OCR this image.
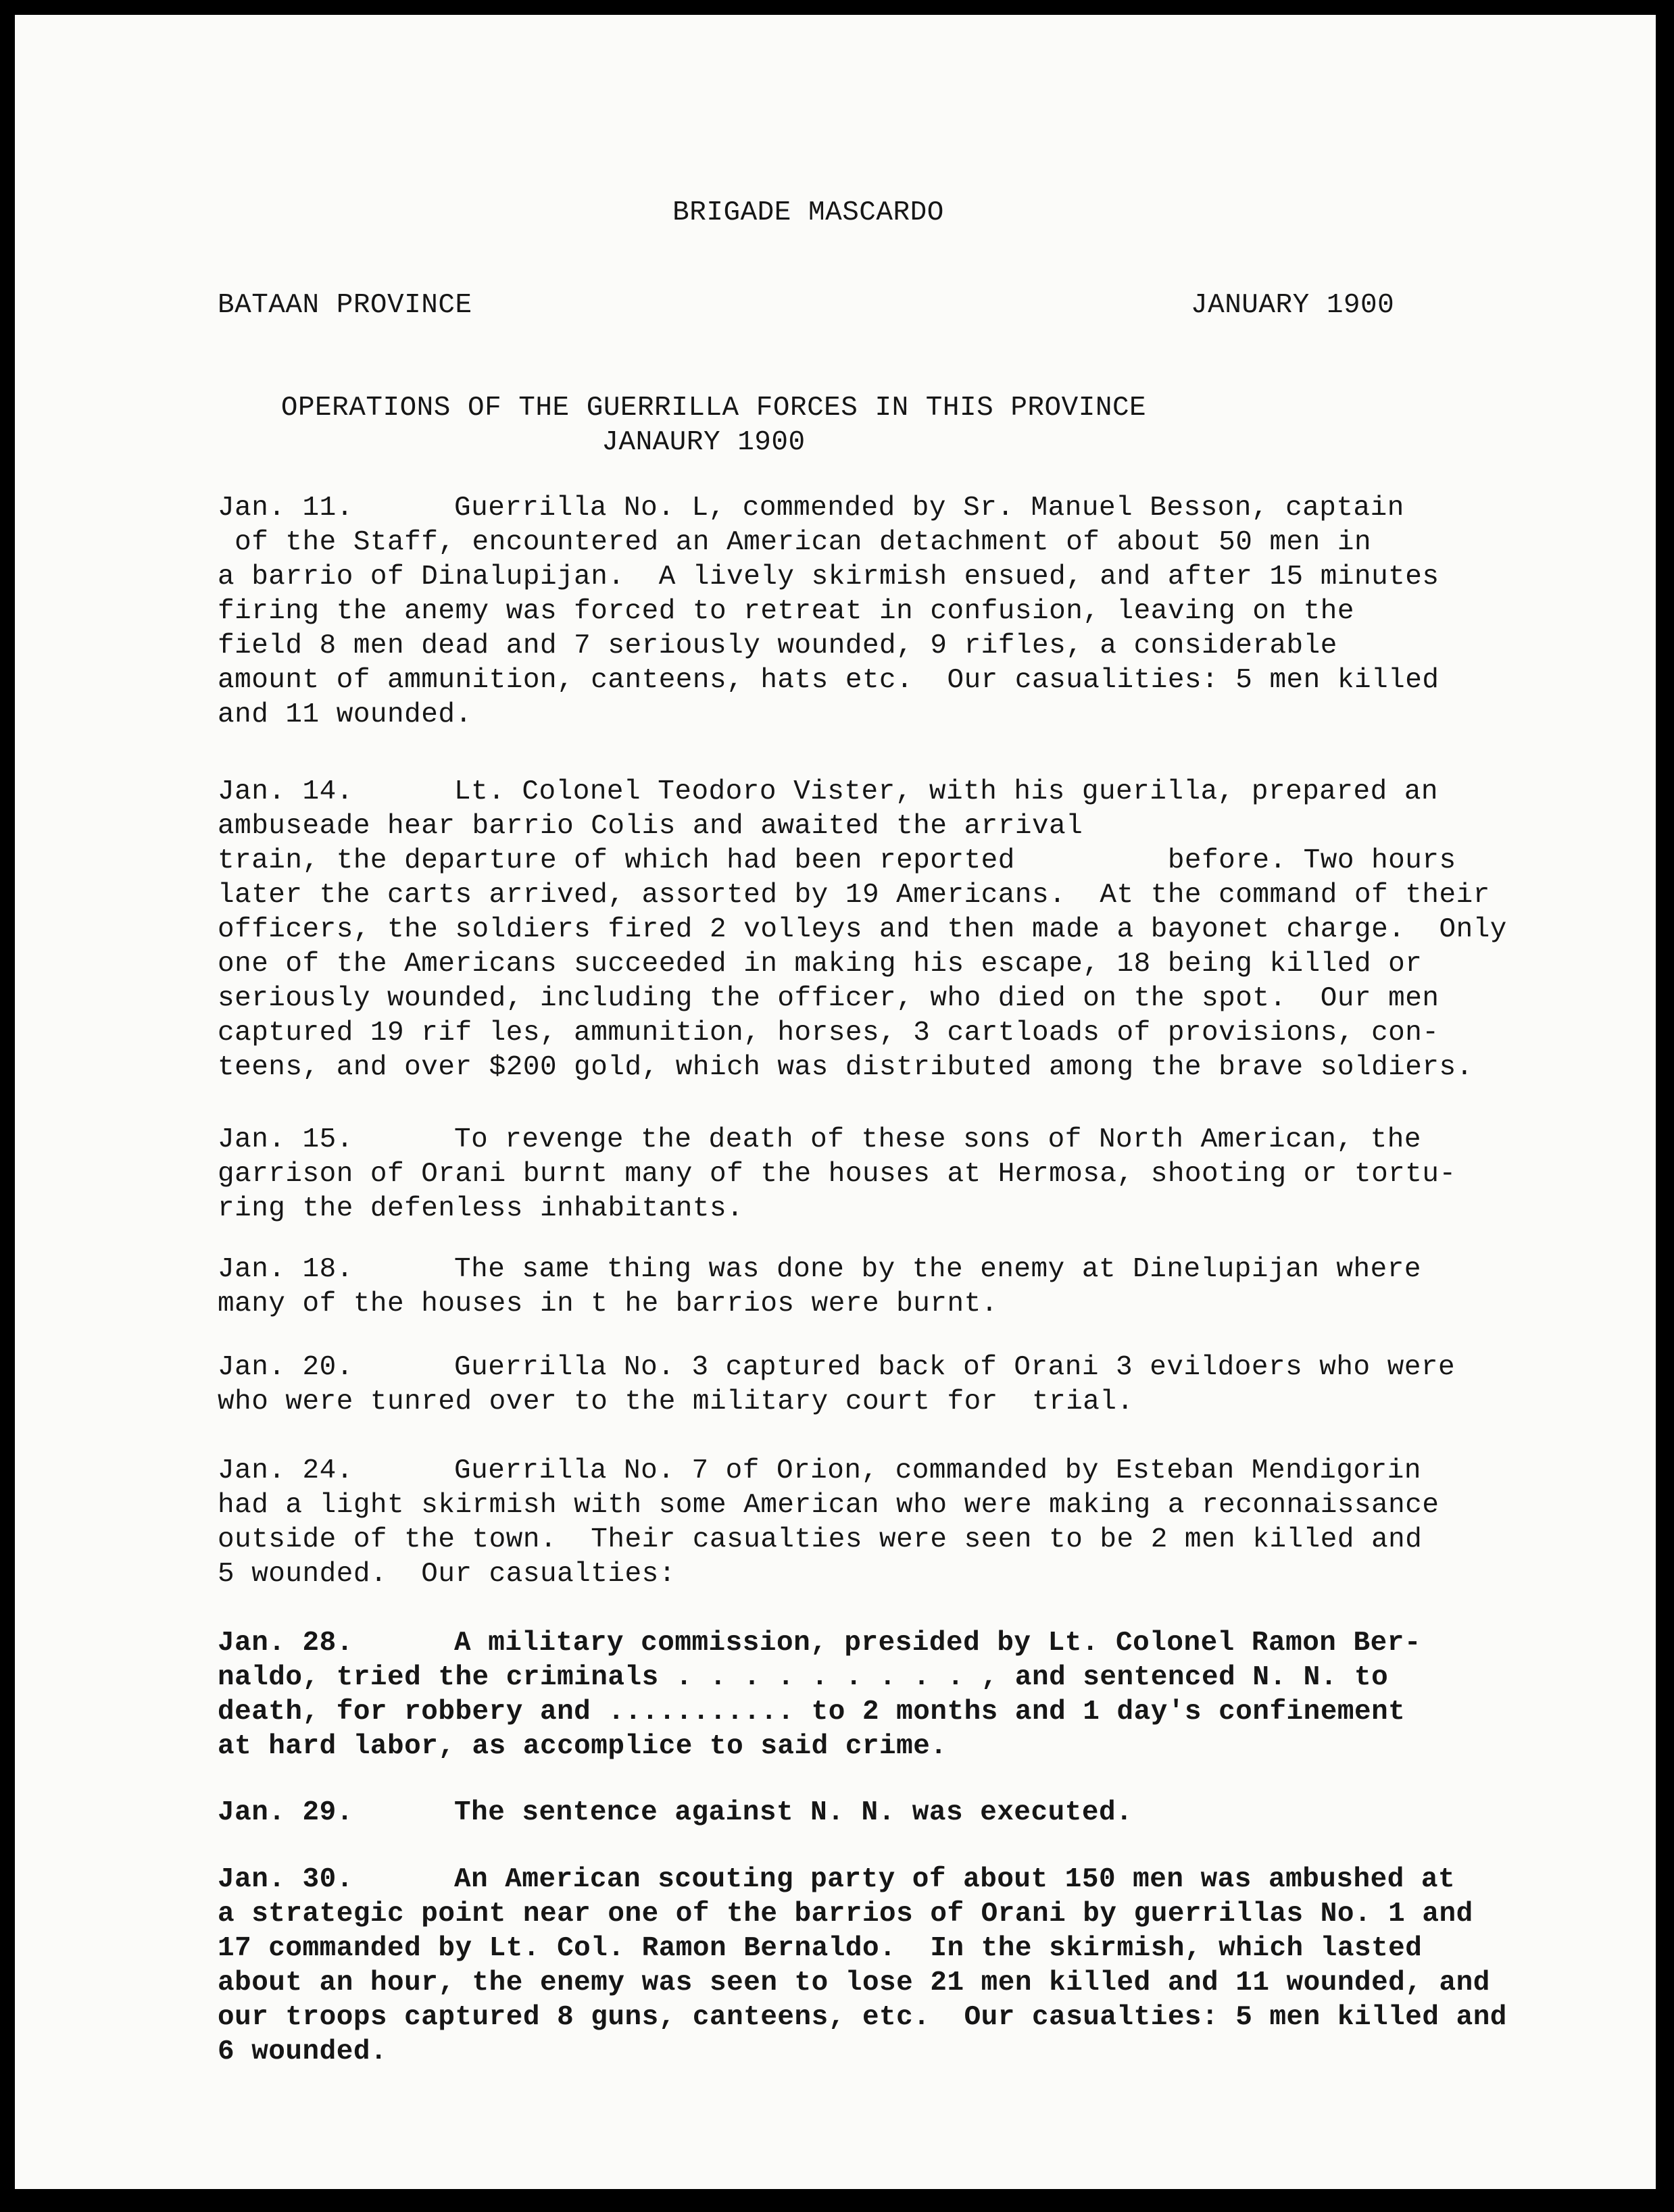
BRIGADE MASCARDO
BATAAN PROVINCE	JANUARY 1900
OPERATIONS OF THE GUERRILLA FORCES IN THIS PROVINCE
JANAURY 1900
Jan. 11.	Guerrilla No. L, commended by Sr. Manuel Besson, captain
of the Staff, encountered an American detachment of about 50 men in
a barrio of Dinalupijan.  A lively skirmish ensued, and after 15 minutes
firing the anemy was forced to retreat in confusion, leaving on the
field 8 men dead and 7 seriously wounded, 9 rifles, a considerable
amount of ammunition, canteens, hats etc.  Our casualities: 5 men killed
and 11 wounded.
Jan. 14.	Lt. Colonel Teodoro Vister, with his guerilla, prepared an
ambuseade hear barrio Colis and awaited the arrival
train, the departure of which had been reported         before. Two hours
later the carts arrived, assorted by 19 Americans.  At the command of their
officers, the soldiers fired 2 volleys and then made a bayonet charge.  Only
one of the Americans succeeded in making his escape, 18 being killed or
seriously wounded, including the officer, who died on the spot.  Our men
captured 19 rif les, ammunition, horses, 3 cartloads of provisions, con-
teens, and over $200 gold, which was distributed among the brave soldiers.
Jan. 15.	To revenge the death of these sons of North American, the
garrison of Orani burnt many of the houses at Hermosa, shooting or tortu-
ring the defenless inhabitants.
Jan. 18.	The same thing was done by the enemy at Dinelupijan where
many of the houses in t he barrios were burnt.
Jan. 20.	Guerrilla No. 3 captured back of Orani 3 evildoers who were
who were tunred over to the military court for  trial.
Jan. 24.	Guerrilla No. 7 of Orion, commanded by Esteban Mendigorin
had a light skirmish with some American who were making a reconnaissance
outside of the town.  Their casualties were seen to be 2 men killed and
5 wounded.  Our casualties:
Jan. 28.	A military commission, presided by Lt. Colonel Ramon Ber-
naldo, tried the criminals . . . . . . . . . , and sentenced N. N. to
death, for robbery and ........... to 2 months and 1 day's confinement
at hard labor, as accomplice to said crime.
Jan. 29.	The sentence against N. N. was executed.
Jan. 30.	An American scouting party of about 150 men was ambushed at
a strategic point near one of the barrios of Orani by guerrillas No. 1 and
17 commanded by Lt. Col. Ramon Bernaldo.  In the skirmish, which lasted
about an hour, the enemy was seen to lose 21 men killed and 11 wounded, and
our troops captured 8 guns, canteens, etc.  Our casualties: 5 men killed and
6 wounded.
